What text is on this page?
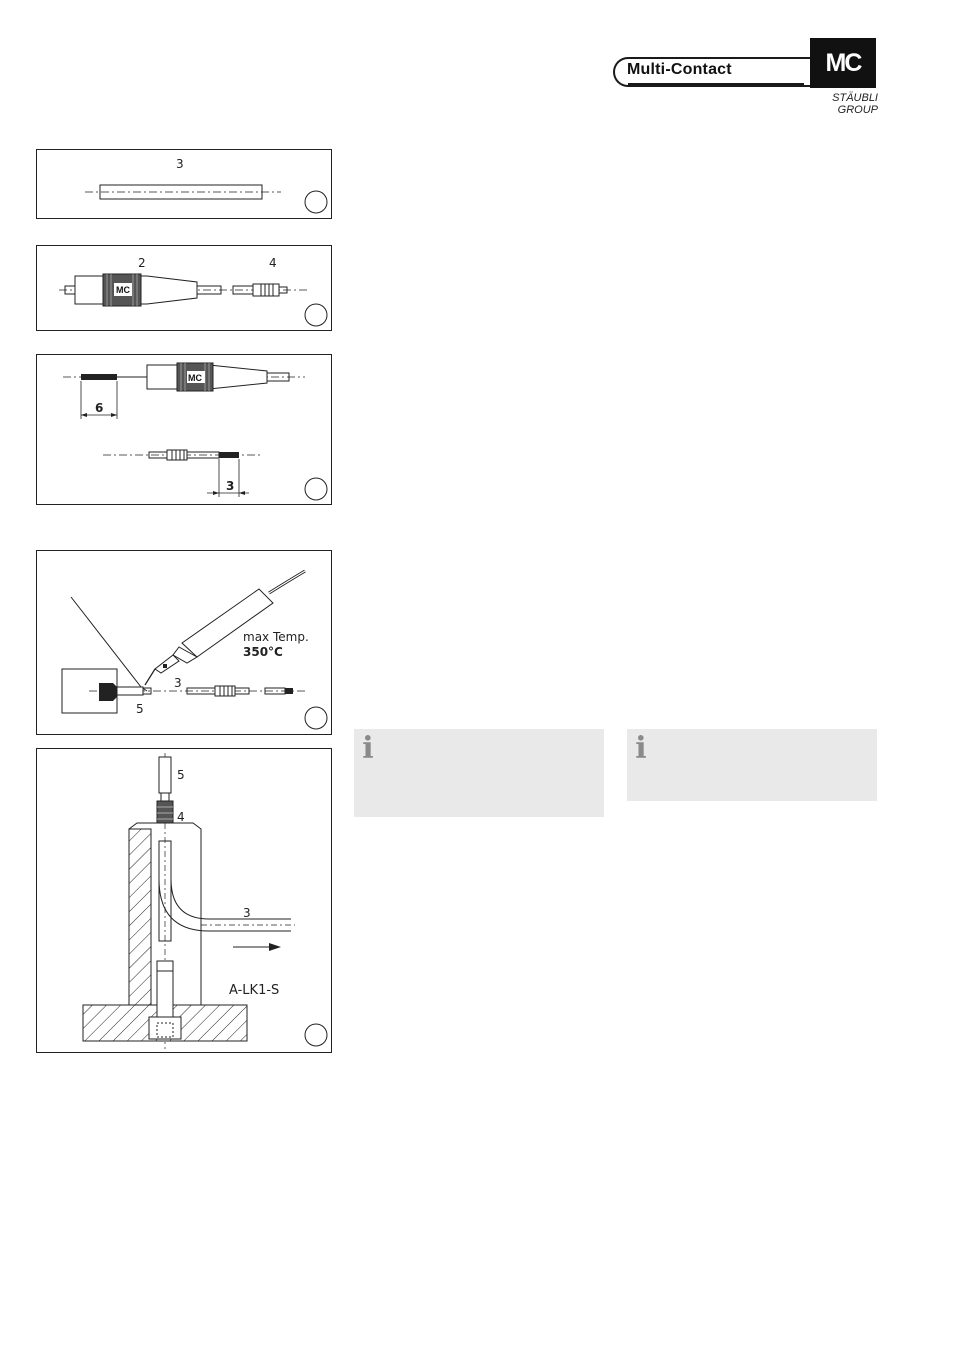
Multi-Contact	MC
STÄUBLI GROUP
3
MC
2	4
MC
6
3
max Temp.
350°C
3
5
5
4
3
A-LK1-S
i	i
